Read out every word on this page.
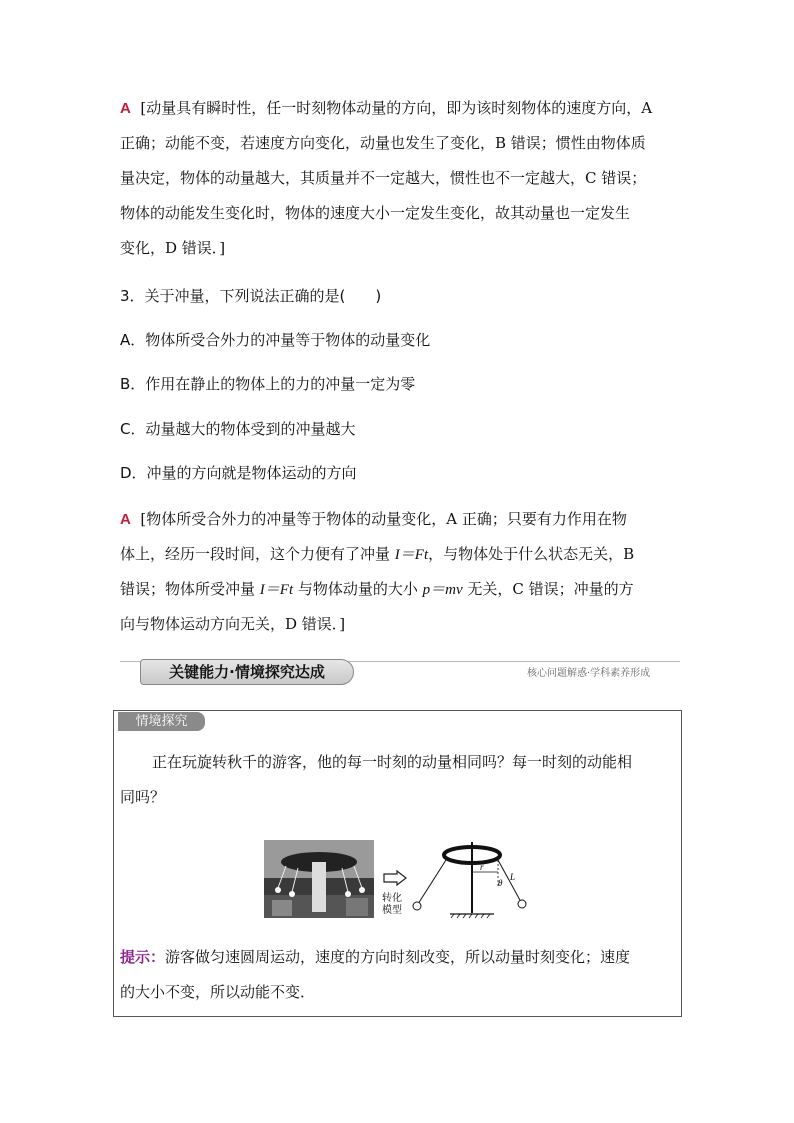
A [动量具有瞬时性，任一时刻物体动量的方向，即为该时刻物体的速度方向，A
正确；动能不变，若速度方向变化，动量也发生了变化，B 错误；惯性由物体质
量决定，物体的动量越大，其质量并不一定越大，惯性也不一定越大，C 错误；
物体的动能发生变化时，物体的速度大小一定发生变化，故其动量也一定发生
变化，D 错误．]
3．关于冲量，下列说法正确的是(　　)
A．物体所受合外力的冲量等于物体的动量变化
B．作用在静止的物体上的力的冲量一定为零
C．动量越大的物体受到的冲量越大
D．冲量的方向就是物体运动的方向
A [物体所受合外力的冲量等于物体的动量变化，A 正确；只要有力作用在物
体上，经历一段时间，这个力便有了冲量 I＝Ft，与物体处于什么状态无关，B
错误；物体所受冲量 I＝Ft 与物体动量的大小 p＝mv 无关，C 错误；冲量的方
向与物体运动方向无关，D 错误．]
关键能力·情境探究达成	核心问题解惑·学科素养形成
情境探究
正在玩旋转秋千的游客，他的每一时刻的动量相同吗？每一时刻的动能相
同吗？
转化
模型
r
θ
L
提示：游客做匀速圆周运动，速度的方向时刻改变，所以动量时刻变化；速度
的大小不变，所以动能不变．
